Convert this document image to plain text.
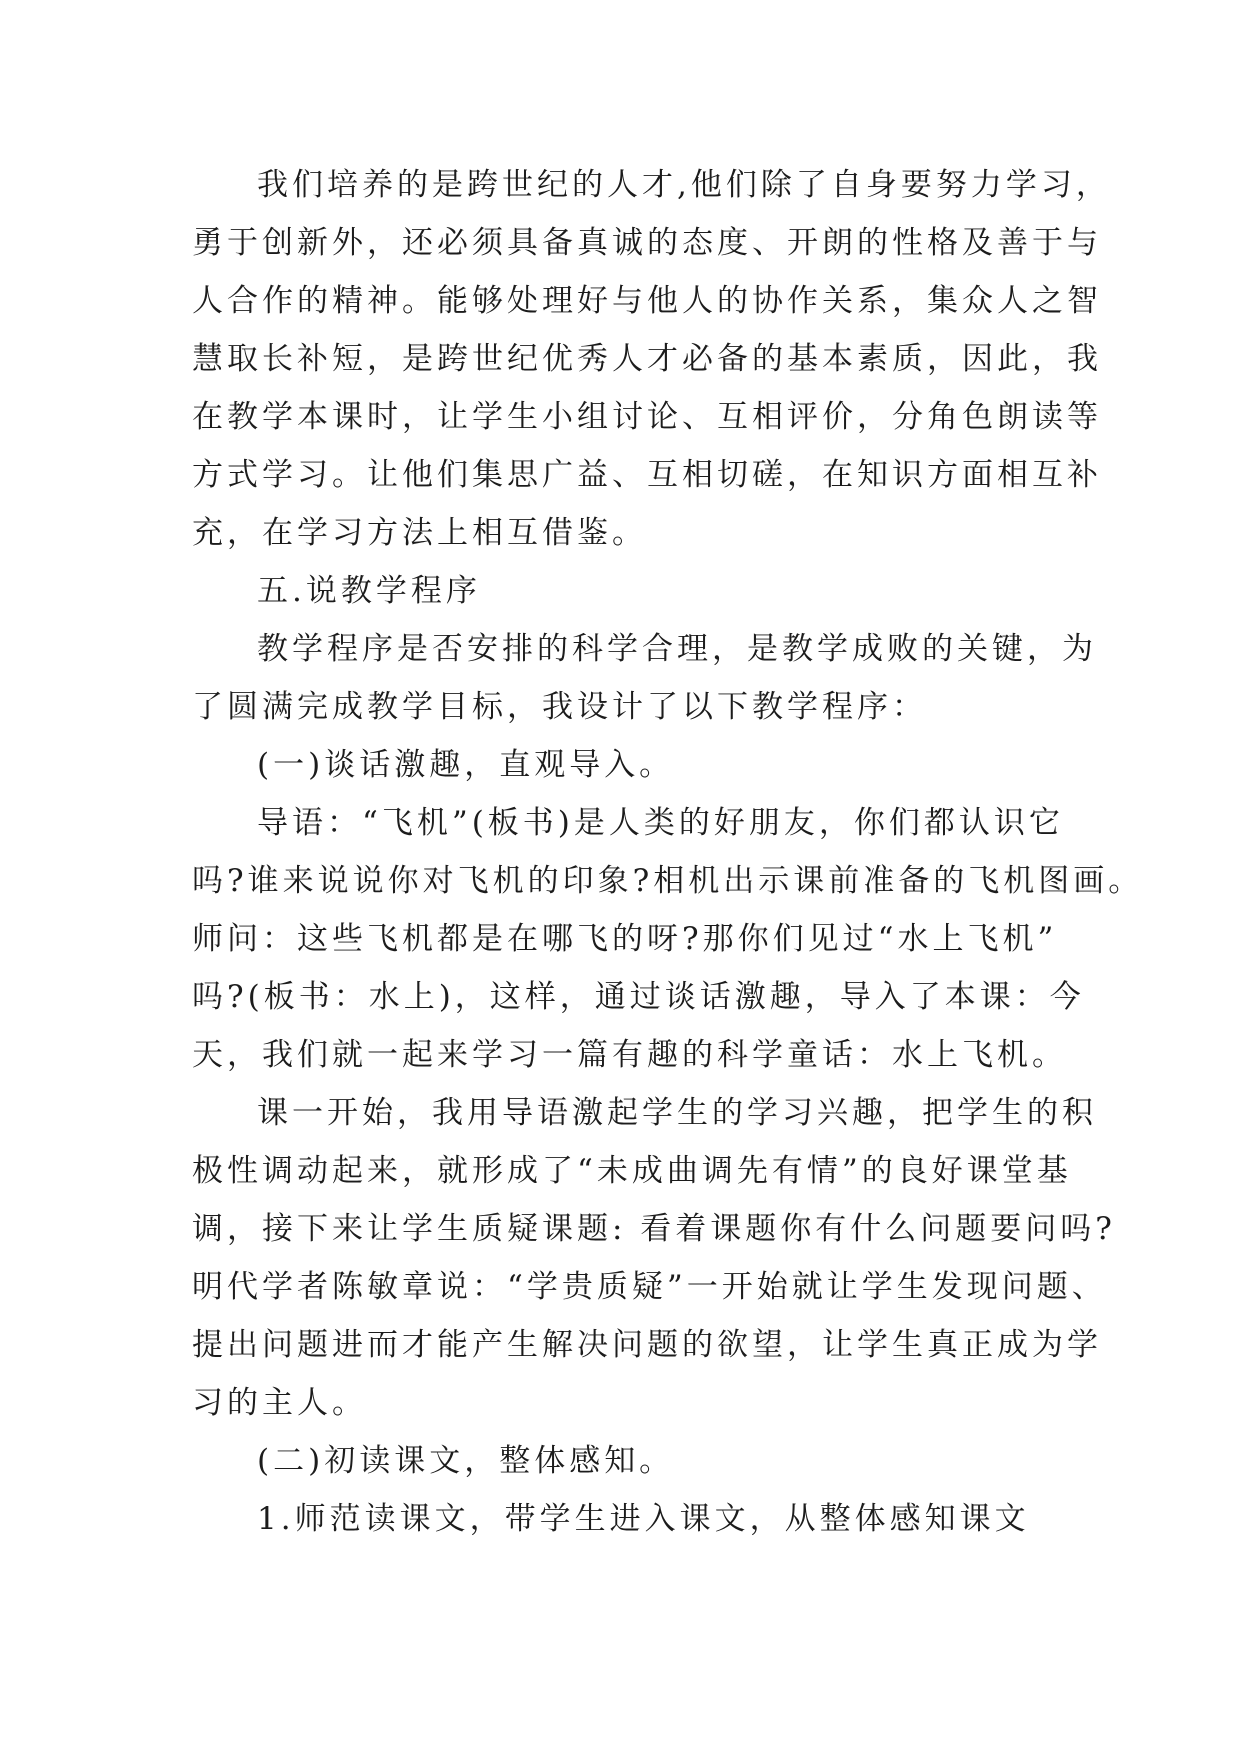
我们培养的是跨世纪的人才,他们除了自身要努力学习，
勇于创新外，还必须具备真诚的态度、开朗的性格及善于与
人合作的精神。能够处理好与他人的协作关系，集众人之智
慧取长补短，是跨世纪优秀人才必备的基本素质，因此，我
在教学本课时，让学生小组讨论、互相评价，分角色朗读等
方式学习。让他们集思广益、互相切磋，在知识方面相互补
充，在学习方法上相互借鉴。
五.说教学程序
教学程序是否安排的科学合理，是教学成败的关键，为
了圆满完成教学目标，我设计了以下教学程序：
(一)谈话激趣，直观导入。
导语：“飞机”(板书)是人类的好朋友，你们都认识它
吗?谁来说说你对飞机的印象?相机出示课前准备的飞机图画。
师问：这些飞机都是在哪飞的呀?那你们见过“水上飞机”
吗?(板书：水上)，这样，通过谈话激趣，导入了本课：今
天，我们就一起来学习一篇有趣的科学童话：水上飞机。
课一开始，我用导语激起学生的学习兴趣，把学生的积
极性调动起来，就形成了“未成曲调先有情”的良好课堂基
调，接下来让学生质疑课题: 看着课题你有什么问题要问吗?
明代学者陈敏章说：“学贵质疑”一开始就让学生发现问题、
提出问题进而才能产生解决问题的欲望，让学生真正成为学
习的主人。
(二)初读课文，整体感知。
1.师范读课文，带学生进入课文，从整体感知课文
